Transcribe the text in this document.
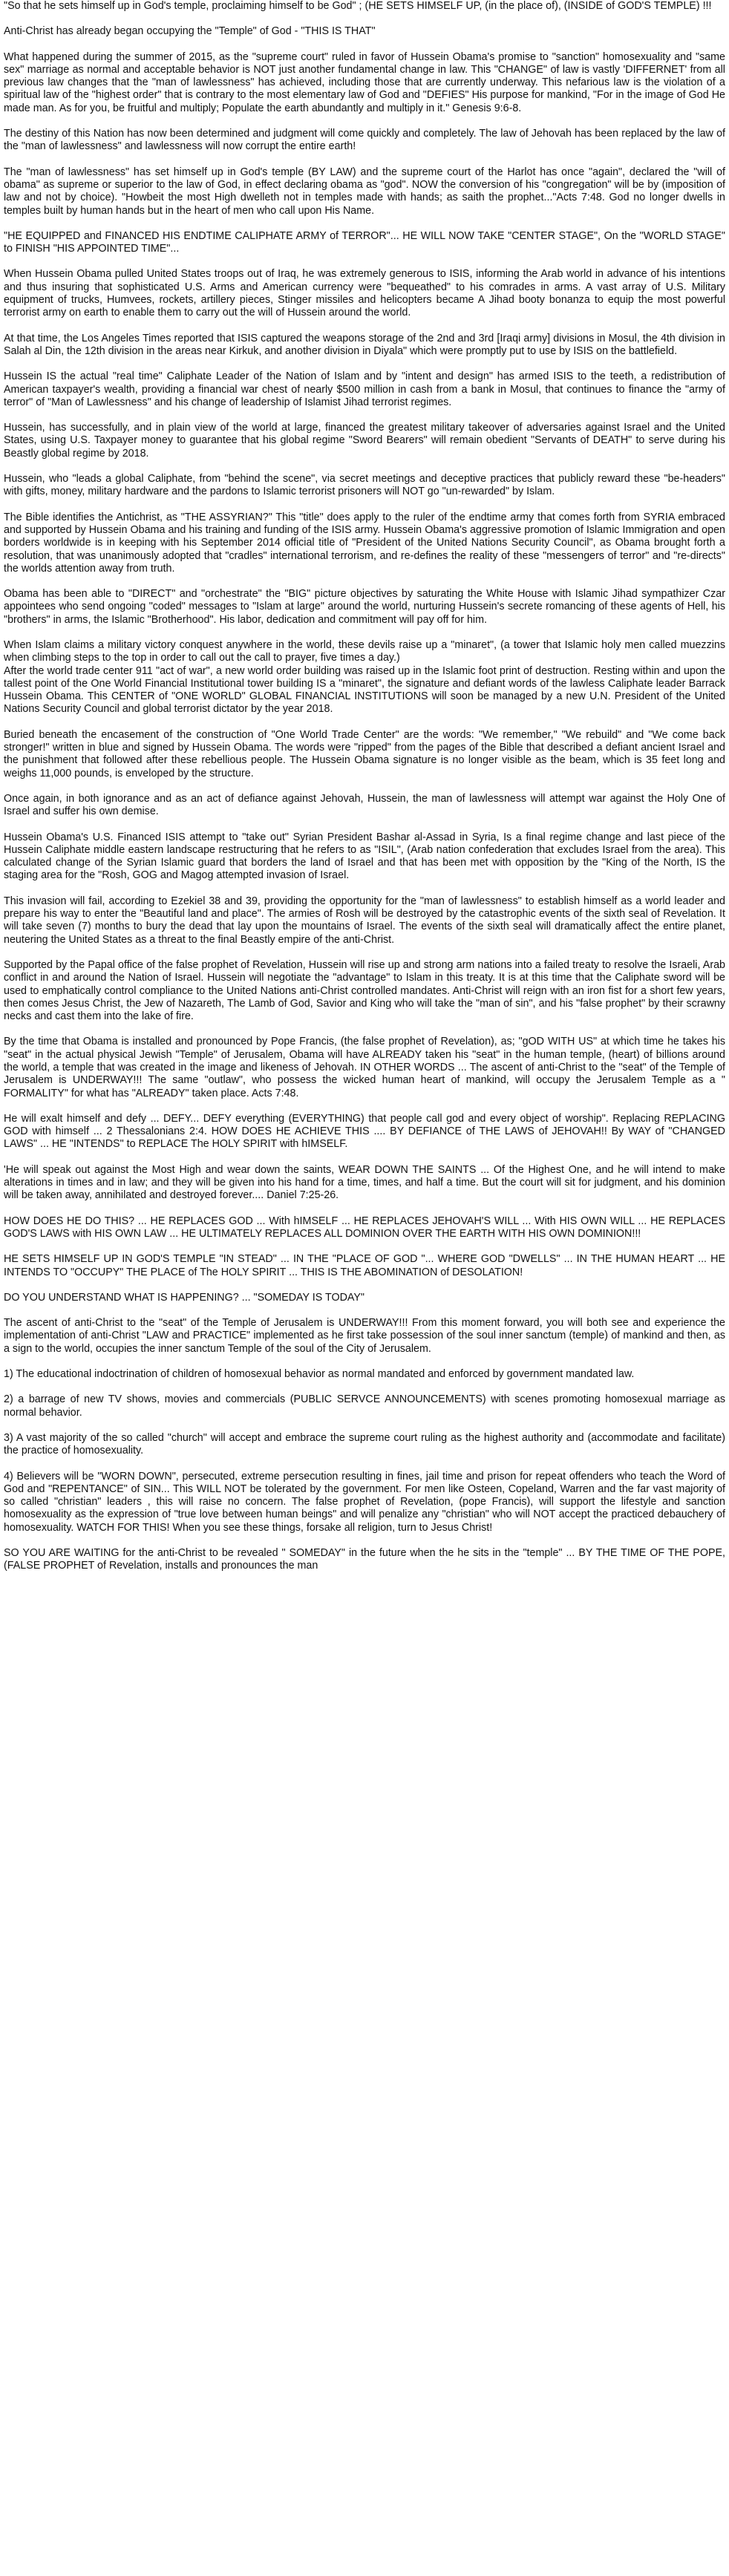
"So that he sets himself up in God's temple, proclaiming himself to be God" ; (HE SETS HIMSELF UP, (in the place of), (INSIDE of GOD'S TEMPLE) !!!

Anti-Christ has already began occupying the "Temple" of God - "THIS IS THAT"

What happened during the summer of 2015, as the "supreme court" ruled in favor of Hussein Obama's promise to "sanction" homosexuality and "same sex" marriage as normal and acceptable behavior is NOT just another fundamental change in law. This "CHANGE" of law is vastly 'DIFFERNET' from all previous law changes that the "man of lawlessness" has achieved, including those that are currently underway. This nefarious law is the violation of a spiritual law of the "highest order" that is contrary to the most elementary law of God and "DEFIES" His purpose for mankind, "For in the image of God He made man. As for you, be fruitful and multiply; Populate the earth abundantly and multiply in it." Genesis 9:6-8.

The destiny of this Nation has now been determined and judgment will come quickly and completely. The law of Jehovah has been replaced by the law of the "man of lawlessness" and lawlessness will now corrupt the entire earth!

The "man of lawlessness" has set himself up in God's temple (BY LAW) and the supreme court of the Harlot has once "again", declared the "will of obama" as supreme or superior to the law of God, in effect declaring obama as "god". NOW the conversion of his "congregation" will be by (imposition of law and not by choice). "Howbeit the most High dwelleth not in temples made with hands; as saith the prophet..."Acts 7:48. God no longer dwells in temples built by human hands but in the heart of men who call upon His Name.

"HE EQUIPPED and FINANCED HIS ENDTIME CALIPHATE ARMY of TERROR"... HE WILL NOW TAKE "CENTER STAGE", On the "WORLD STAGE" to FINISH "HIS APPOINTED TIME"...

When Hussein Obama pulled United States troops out of Iraq, he was extremely generous to ISIS, informing the Arab world in advance of his intentions and thus insuring that sophisticated U.S. Arms and American currency were "bequeathed" to his comrades in arms. A vast array of U.S. Military equipment of trucks, Humvees, rockets, artillery pieces, Stinger missiles and helicopters became A Jihad booty bonanza to equip the most powerful terrorist army on earth to enable them to carry out the will of Hussein around the world.

At that time, the Los Angeles Times reported that ISIS captured the weapons storage of the 2nd and 3rd [Iraqi army] divisions in Mosul, the 4th division in Salah al Din, the 12th division in the areas near Kirkuk, and another division in Diyala" which were promptly put to use by ISIS on the battlefield.

Hussein IS the actual "real time" Caliphate Leader of the Nation of Islam and by "intent and design" has armed ISIS to the teeth, a redistribution of American taxpayer's wealth, providing a financial war chest of nearly $500 million in cash from a bank in Mosul, that continues to finance the "army of terror" of "Man of Lawlessness" and his change of leadership of Islamist Jihad terrorist regimes.

Hussein, has successfully, and in plain view of the world at large, financed the greatest military takeover of adversaries against Israel and the United States, using U.S. Taxpayer money to guarantee that his global regime "Sword Bearers" will remain obedient "Servants of DEATH" to serve during his Beastly global regime by 2018.

Hussein, who "leads a global Caliphate, from "behind the scene", via secret meetings and deceptive practices that publicly reward these "be-headers" with gifts, money, military hardware and the pardons to Islamic terrorist prisoners will NOT go "un-rewarded" by Islam.

The Bible identifies the Antichrist, as "THE ASSYRIAN?" This "title" does apply to the ruler of the endtime army that comes forth from SYRIA embraced and supported by Hussein Obama and his training and funding of the ISIS army. Hussein Obama's aggressive promotion of Islamic Immigration and open borders worldwide is in keeping with his September 2014 official title of "President of the United Nations Security Council", as Obama brought forth a resolution, that was unanimously adopted that "cradles" international terrorism, and re-defines the reality of these "messengers of terror" and "re-directs" the worlds attention away from truth.

Obama has been able to "DIRECT" and "orchestrate" the "BIG" picture objectives by saturating the White House with Islamic Jihad sympathizer Czar appointees who send ongoing "coded" messages to "Islam at large" around the world, nurturing Hussein's secrete romancing of these agents of Hell, his "brothers" in arms, the Islamic "Brotherhood". His labor, dedication and commitment will pay off for him.

When Islam claims a military victory conquest anywhere in the world, these devils raise up a "minaret", (a tower that Islamic holy men called muezzins when climbing steps to the top in order to call out the call to prayer, five times a day.)
After the world trade center 911 "act of war", a new world order building was raised up in the Islamic foot print of destruction. Resting within and upon the tallest point of the One World Financial Institutional tower building IS a "minaret", the signature and defiant words of the lawless Caliphate leader Barrack Hussein Obama. This CENTER of "ONE WORLD" GLOBAL FINANCIAL INSTITUTIONS will soon be managed by a new U.N. President of the United Nations Security Council and global terrorist dictator by the year 2018.

Buried beneath the encasement of the construction of "One World Trade Center" are the words: "We remember," "We rebuild" and "We come back stronger!" written in blue and signed by Hussein Obama. The words were "ripped" from the pages of the Bible that described a defiant ancient Israel and the punishment that followed after these rebellious people. The Hussein Obama signature is no longer visible as the beam, which is 35 feet long and weighs 11,000 pounds, is enveloped by the structure.

Once again, in both ignorance and as an act of defiance against Jehovah, Hussein, the man of lawlessness will attempt war against the Holy One of Israel and suffer his own demise.

Hussein Obama's U.S. Financed ISIS attempt to "take out" Syrian President Bashar al-Assad in Syria, Is a final regime change and last piece of the Hussein Caliphate middle eastern landscape restructuring that he refers to as "ISIL", (Arab nation confederation that excludes Israel from the area). This calculated change of the Syrian Islamic guard that borders the land of Israel and that has been met with opposition by the "King of the North, IS the staging area for the "Rosh, GOG and Magog attempted invasion of Israel.

This invasion will fail, according to Ezekiel 38 and 39, providing the opportunity for the "man of lawlessness" to establish himself as a world leader and prepare his way to enter the "Beautiful land and place". The armies of Rosh will be destroyed by the catastrophic events of the sixth seal of Revelation. It will take seven (7) months to bury the dead that lay upon the mountains of Israel. The events of the sixth seal will dramatically affect the entire planet, neutering the United States as a threat to the final Beastly empire of the anti-Christ.

Supported by the Papal office of the false prophet of Revelation, Hussein will rise up and strong arm nations into a failed treaty to resolve the Israeli, Arab conflict in and around the Nation of Israel. Hussein will negotiate the "advantage" to Islam in this treaty. It is at this time that the Caliphate sword will be used to emphatically control compliance to the United Nations anti-Christ controlled mandates. Anti-Christ will reign with an iron fist for a short few years, then comes Jesus Christ, the Jew of Nazareth, The Lamb of God, Savior and King who will take the "man of sin", and his "false prophet" by their scrawny necks and cast them into the lake of fire.

By the time that Obama is installed and pronounced by Pope Francis, (the false prophet of Revelation), as; "gOD WITH US" at which time he takes his "seat" in the actual physical Jewish "Temple" of Jerusalem, Obama will have ALREADY taken his "seat" in the human temple, (heart) of billions around the world, a temple that was created in the image and likeness of Jehovah. IN OTHER WORDS ... The ascent of anti-Christ to the "seat" of the Temple of Jerusalem is UNDERWAY!!! The same "outlaw", who possess the wicked human heart of mankind, will occupy the Jerusalem Temple as a " FORMALITY" for what has "ALREADY" taken place. Acts 7:48.

He will exalt himself and defy ... DEFY... DEFY everything (EVERYTHING) that people call god and every object of worship". Replacing REPLACING GOD with himself ... 2 Thessalonians 2:4. HOW DOES HE ACHIEVE THIS .... BY DEFIANCE of THE LAWS of JEHOVAH!! By WAY of "CHANGED LAWS" ... HE "INTENDS" to REPLACE The HOLY SPIRIT with hIMSELF.

'He will speak out against the Most High and wear down the saints, WEAR DOWN THE SAINTS ... Of the Highest One, and he will intend to make alterations in times and in law; and they will be given into his hand for a time, times, and half a time. But the court will sit for judgment, and his dominion will be taken away, annihilated and destroyed forever.... Daniel 7:25-26.

HOW DOES HE DO THIS? ... HE REPLACES GOD ... With hIMSELF ... HE REPLACES JEHOVAH'S WILL ... With HIS OWN WILL ... HE REPLACES GOD'S LAWS with HIS OWN LAW ... HE ULTIMATELY REPLACES ALL DOMINION OVER THE EARTH WITH HIS OWN DOMINION!!!

HE SETS HIMSELF UP IN GOD'S TEMPLE "IN STEAD" ... IN THE "PLACE OF GOD "... WHERE GOD "DWELLS" ... IN THE HUMAN HEART ... HE INTENDS TO "OCCUPY" THE PLACE of The HOLY SPIRIT ... THIS IS THE ABOMINATION of DESOLATION!

DO YOU UNDERSTAND WHAT IS HAPPENING? ... "SOMEDAY IS TODAY"

The ascent of anti-Christ to the "seat" of the Temple of Jerusalem is UNDERWAY!!! From this moment forward, you will both see and experience the implementation of anti-Christ "LAW and PRACTICE" implemented as he first take possession of the soul inner sanctum (temple) of mankind and then, as a sign to the world, occupies the inner sanctum Temple of the soul of the City of Jerusalem.

1) The educational indoctrination of children of homosexual behavior as normal mandated and enforced by government mandated law.

2) a barrage of new TV shows, movies and commercials (PUBLIC SERVCE ANNOUNCEMENTS) with scenes promoting homosexual marriage as normal behavior.

3) A vast majority of the so called "church" will accept and embrace the supreme court ruling as the highest authority and (accommodate and facilitate) the practice of homosexuality.

4) Believers will be "WORN DOWN", persecuted, extreme persecution resulting in fines, jail time and prison for repeat offenders who teach the Word of God and "REPENTANCE" of SIN... This WILL NOT be tolerated by the government. For men like Osteen, Copeland, Warren and the far vast majority of so called "christian" leaders , this will raise no concern. The false prophet of Revelation, (pope Francis), will support the lifestyle and sanction homosexuality as the expression of "true love between human beings" and will penalize any "christian" who will NOT accept the practiced debauchery of homosexuality. WATCH FOR THIS! When you see these things, forsake all religion, turn to Jesus Christ!

SO YOU ARE WAITING for the anti-Christ to be revealed " SOMEDAY" in the future when the he sits in the "temple" ... BY THE TIME OF THE POPE, (FALSE PROPHET of Revelation, installs and pronounces the man
